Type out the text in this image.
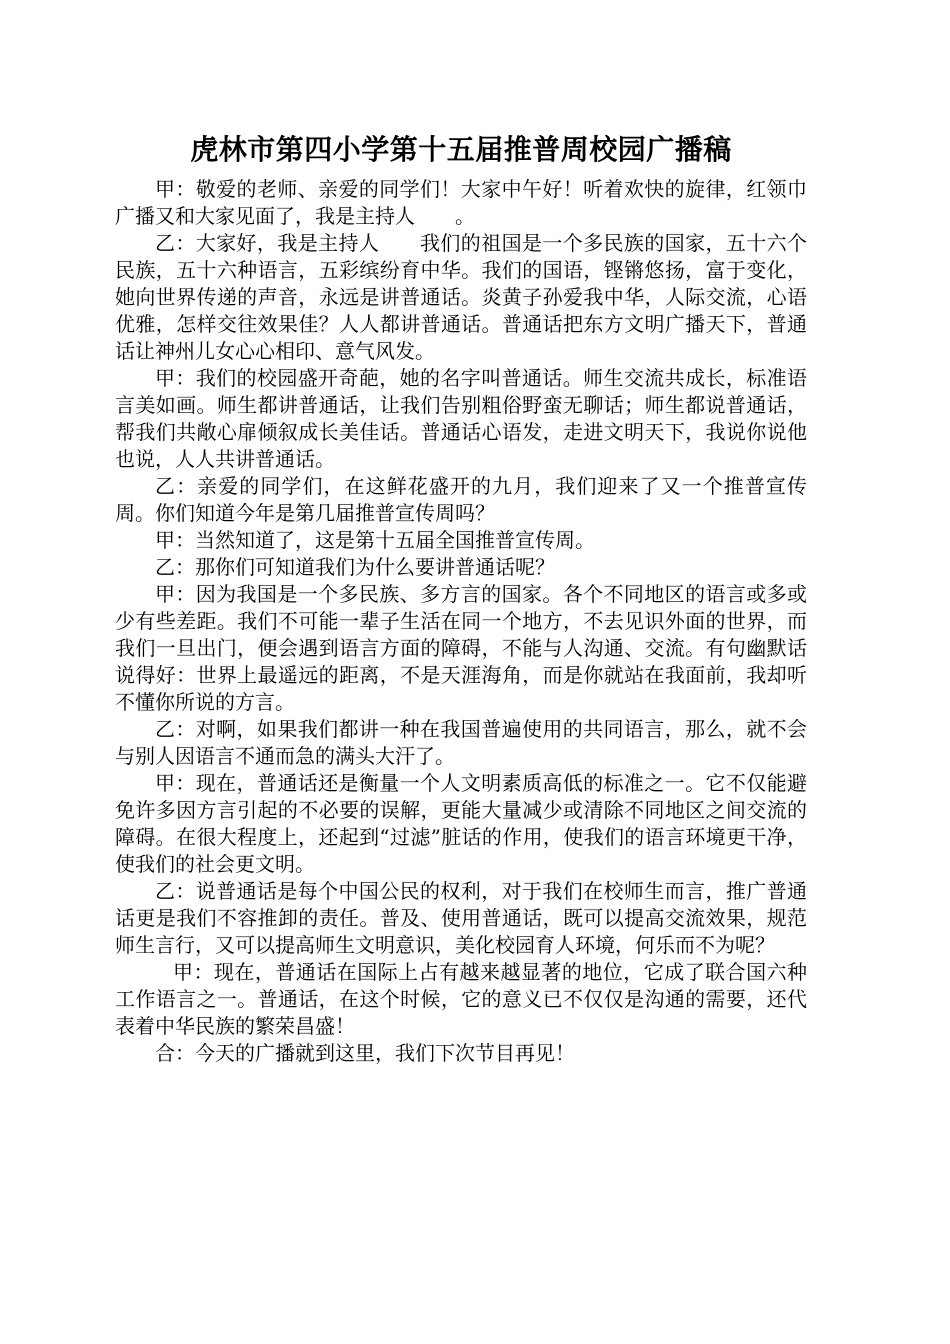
虎林市第四小学第十五届推普周校园广播稿

甲：敬爱的老师、亲爱的同学们！大家中午好！听着欢快的旋律，红领巾广播又和大家见面了，我是主持人　　。

乙：大家好，我是主持人　　我们的祖国是一个多民族的国家，五十六个民族，五十六种语言，五彩缤纷育中华。我们的国语，铿锵悠扬，富于变化，她向世界传递的声音，永远是讲普通话。炎黄子孙爱我中华，人际交流，心语优雅，怎样交往效果佳？人人都讲普通话。普通话把东方文明广播天下，普通话让神州儿女心心相印、意气风发。

甲：我们的校园盛开奇葩，她的名字叫普通话。师生交流共成长，标准语言美如画。师生都讲普通话，让我们告别粗俗野蛮无聊话；师生都说普通话，帮我们共敞心扉倾叙成长美佳话。普通话心语发，走进文明天下，我说你说他也说，人人共讲普通话。

乙：亲爱的同学们，在这鲜花盛开的九月，我们迎来了又一个推普宣传周。你们知道今年是第几届推普宣传周吗？

甲：当然知道了，这是第十五届全国推普宣传周。

乙：那你们可知道我们为什么要讲普通话呢？

甲：因为我国是一个多民族、多方言的国家。各个不同地区的语言或多或少有些差距。我们不可能一辈子生活在同一个地方，不去见识外面的世界，而我们一旦出门，便会遇到语言方面的障碍，不能与人沟通、交流。有句幽默话说得好：世界上最遥远的距离，不是天涯海角，而是你就站在我面前，我却听不懂你所说的方言。

乙：对啊，如果我们都讲一种在我国普遍使用的共同语言，那么，就不会与别人因语言不通而急的满头大汗了。

甲：现在，普通话还是衡量一个人文明素质高低的标准之一。它不仅能避免许多因方言引起的不必要的误解，更能大量减少或清除不同地区之间交流的障碍。在很大程度上，还起到“过滤”脏话的作用，使我们的语言环境更干净，使我们的社会更文明。

乙：说普通话是每个中国公民的权利，对于我们在校师生而言，推广普通话更是我们不容推卸的责任。普及、使用普通话，既可以提高交流效果，规范师生言行，又可以提高师生文明意识，美化校园育人环境，何乐而不为呢？

甲：现在，普通话在国际上占有越来越显著的地位，它成了联合国六种工作语言之一。普通话，在这个时候，它的意义已不仅仅是沟通的需要，还代表着中华民族的繁荣昌盛！

合：今天的广播就到这里，我们下次节目再见！
